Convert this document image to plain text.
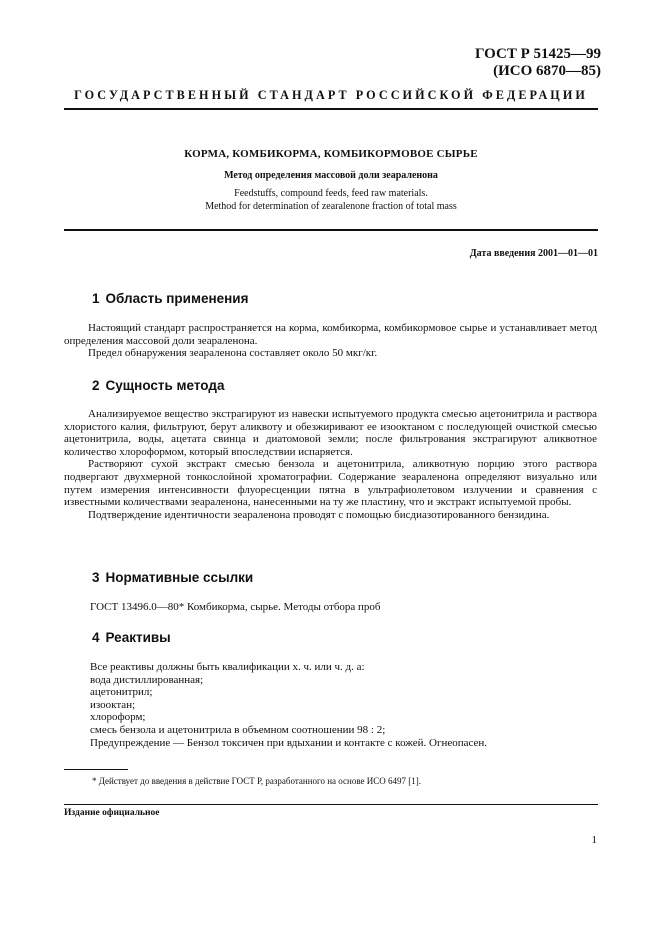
ГОСТ Р 51425—99
(ИСО 6870—85)
ГОСУДАРСТВЕННЫЙ СТАНДАРТ РОССИЙСКОЙ ФЕДЕРАЦИИ
КОРМА, КОМБИКОРМА, КОМБИКОРМОВОЕ СЫРЬЕ
Метод определения массовой доли зеараленона
Feedstuffs, compound feeds, feed raw materials.
Method for determination of zearalenone fraction of total mass
Дата введения 2001—01—01
1 Область применения

Настоящий стандарт распространяется на корма, комбикорма, комбикормовое сырье и устанавливает метод определения массовой доли зеараленона.

Предел обнаружения зеараленона составляет около 50 мкг/кг.

2 Сущность метода

Анализируемое вещество экстрагируют из навески испытуемого продукта смесью ацетонитрила и раствора хлористого калия, фильтруют, берут аликвоту и обезжиривают ее изооктаном с последующей очисткой смесью ацетонитрила, воды, ацетата свинца и диатомовой земли; после фильтрования экстрагируют аликвотное количество хлороформом, который впоследствии испаряется.

Растворяют сухой экстракт смесью бензола и ацетонитрила, аликвотную порцию этого раствора подвергают двухмерной тонкослойной хроматографии. Содержание зеараленона определяют визуально или путем измерения интенсивности флуоресценции пятна в ультрафиолетовом излучении и сравнения с известными количествами зеараленона, нанесенными на ту же пластину, что и экстракт испытуемой пробы.

Подтверждение идентичности зеараленона проводят с помощью бисдиазотированного бензидина.

3 Нормативные ссылки
ГОСТ 13496.0—80* Комбикорма, сырье. Методы отбора проб
4 Реактивы
Все реактивы должны быть квалификации х. ч. или ч. д. а:
вода дистиллированная;
ацетонитрил;
изооктан;
хлороформ;
смесь бензола и ацетонитрила в объемном соотношении 98 : 2;
Предупреждение — Бензол токсичен при вдыхании и контакте с кожей. Огнеопасен.
* Действует до введения в действие ГОСТ Р, разработанного на основе ИСО 6497 [1].
Издание официальное
1
